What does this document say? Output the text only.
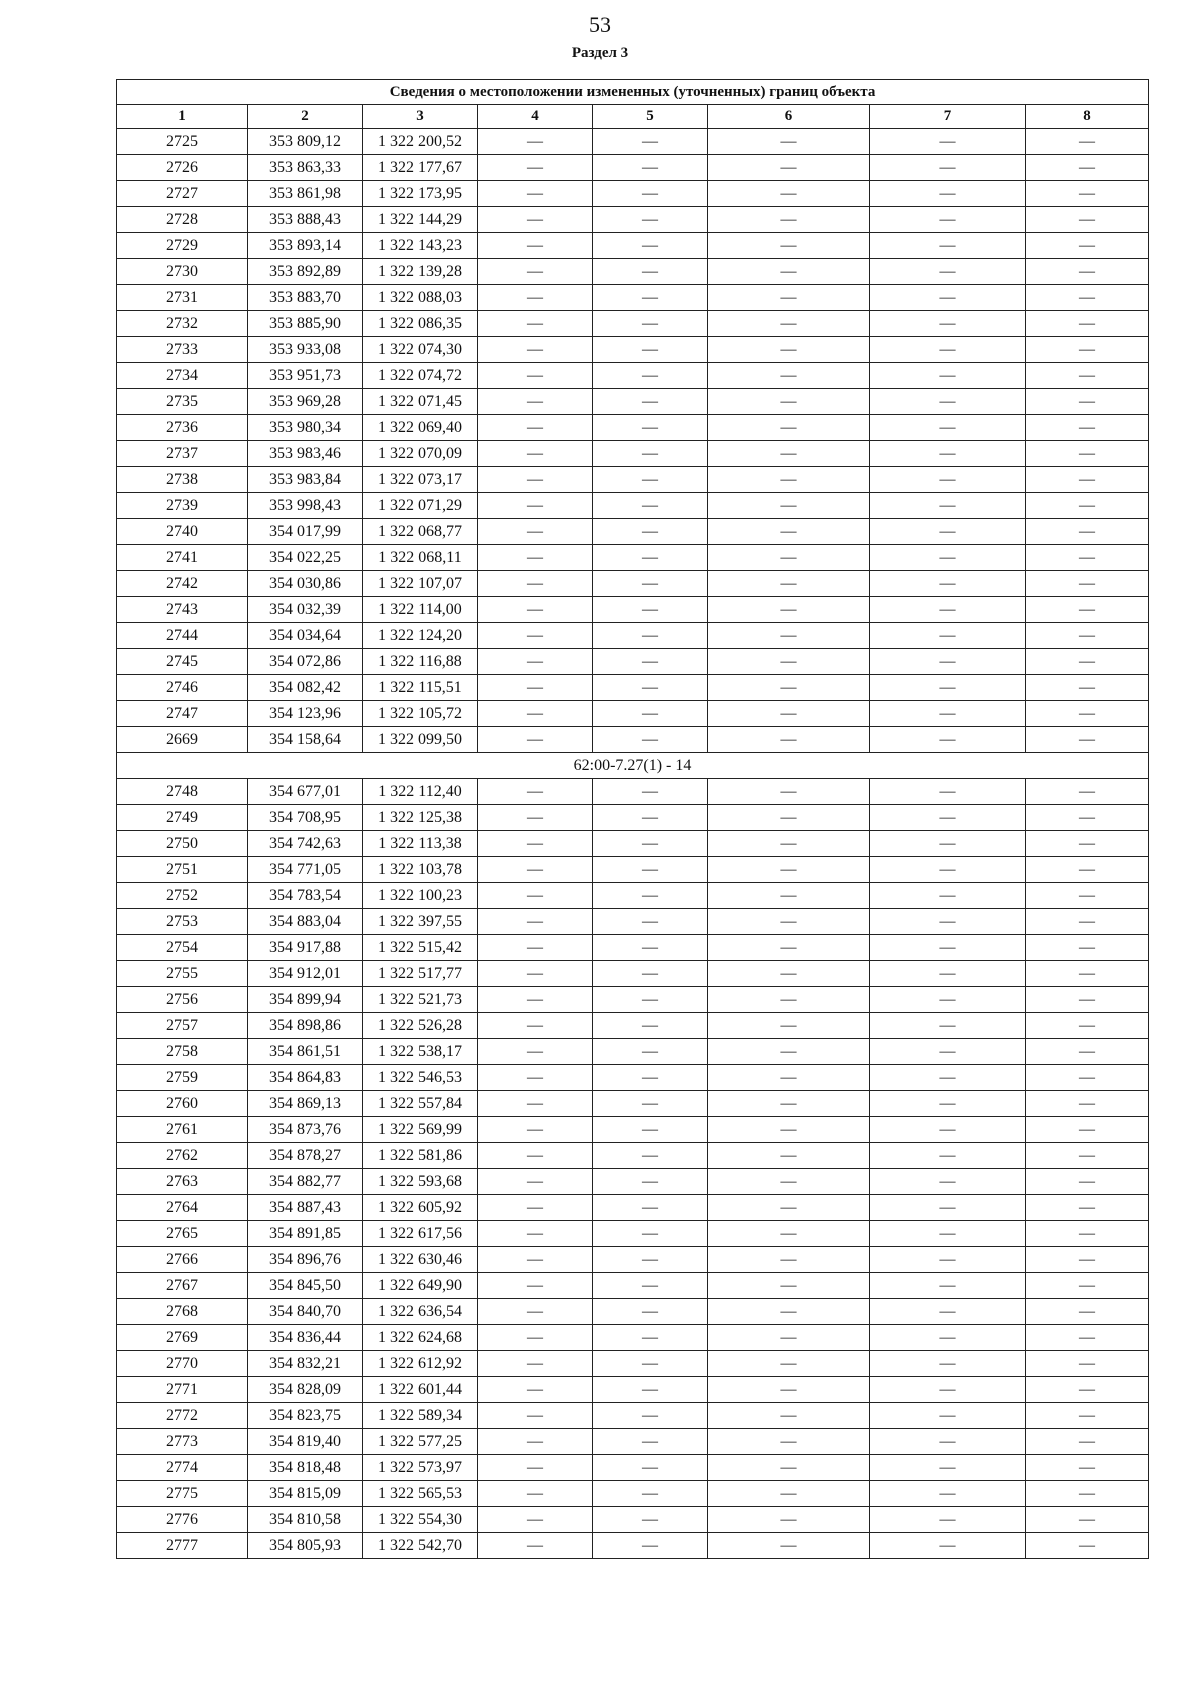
53
Раздел 3
Сведения о местоположении измененных (уточненных) границ объекта							
1	2	3	4	5	6	7	8
2725	353 809,12	1 322 200,52	—	—	—	—	—
2726	353 863,33	1 322 177,67	—	—	—	—	—
2727	353 861,98	1 322 173,95	—	—	—	—	—
2728	353 888,43	1 322 144,29	—	—	—	—	—
2729	353 893,14	1 322 143,23	—	—	—	—	—
2730	353 892,89	1 322 139,28	—	—	—	—	—
2731	353 883,70	1 322 088,03	—	—	—	—	—
2732	353 885,90	1 322 086,35	—	—	—	—	—
2733	353 933,08	1 322 074,30	—	—	—	—	—
2734	353 951,73	1 322 074,72	—	—	—	—	—
2735	353 969,28	1 322 071,45	—	—	—	—	—
2736	353 980,34	1 322 069,40	—	—	—	—	—
2737	353 983,46	1 322 070,09	—	—	—	—	—
2738	353 983,84	1 322 073,17	—	—	—	—	—
2739	353 998,43	1 322 071,29	—	—	—	—	—
2740	354 017,99	1 322 068,77	—	—	—	—	—
2741	354 022,25	1 322 068,11	—	—	—	—	—
2742	354 030,86	1 322 107,07	—	—	—	—	—
2743	354 032,39	1 322 114,00	—	—	—	—	—
2744	354 034,64	1 322 124,20	—	—	—	—	—
2745	354 072,86	1 322 116,88	—	—	—	—	—
2746	354 082,42	1 322 115,51	—	—	—	—	—
2747	354 123,96	1 322 105,72	—	—	—	—	—
2669	354 158,64	1 322 099,50	—	—	—	—	—
62:00-7.27(1) - 14							
2748	354 677,01	1 322 112,40	—	—	—	—	—
2749	354 708,95	1 322 125,38	—	—	—	—	—
2750	354 742,63	1 322 113,38	—	—	—	—	—
2751	354 771,05	1 322 103,78	—	—	—	—	—
2752	354 783,54	1 322 100,23	—	—	—	—	—
2753	354 883,04	1 322 397,55	—	—	—	—	—
2754	354 917,88	1 322 515,42	—	—	—	—	—
2755	354 912,01	1 322 517,77	—	—	—	—	—
2756	354 899,94	1 322 521,73	—	—	—	—	—
2757	354 898,86	1 322 526,28	—	—	—	—	—
2758	354 861,51	1 322 538,17	—	—	—	—	—
2759	354 864,83	1 322 546,53	—	—	—	—	—
2760	354 869,13	1 322 557,84	—	—	—	—	—
2761	354 873,76	1 322 569,99	—	—	—	—	—
2762	354 878,27	1 322 581,86	—	—	—	—	—
2763	354 882,77	1 322 593,68	—	—	—	—	—
2764	354 887,43	1 322 605,92	—	—	—	—	—
2765	354 891,85	1 322 617,56	—	—	—	—	—
2766	354 896,76	1 322 630,46	—	—	—	—	—
2767	354 845,50	1 322 649,90	—	—	—	—	—
2768	354 840,70	1 322 636,54	—	—	—	—	—
2769	354 836,44	1 322 624,68	—	—	—	—	—
2770	354 832,21	1 322 612,92	—	—	—	—	—
2771	354 828,09	1 322 601,44	—	—	—	—	—
2772	354 823,75	1 322 589,34	—	—	—	—	—
2773	354 819,40	1 322 577,25	—	—	—	—	—
2774	354 818,48	1 322 573,97	—	—	—	—	—
2775	354 815,09	1 322 565,53	—	—	—	—	—
2776	354 810,58	1 322 554,30	—	—	—	—	—
2777	354 805,93	1 322 542,70	—	—	—	—	—
